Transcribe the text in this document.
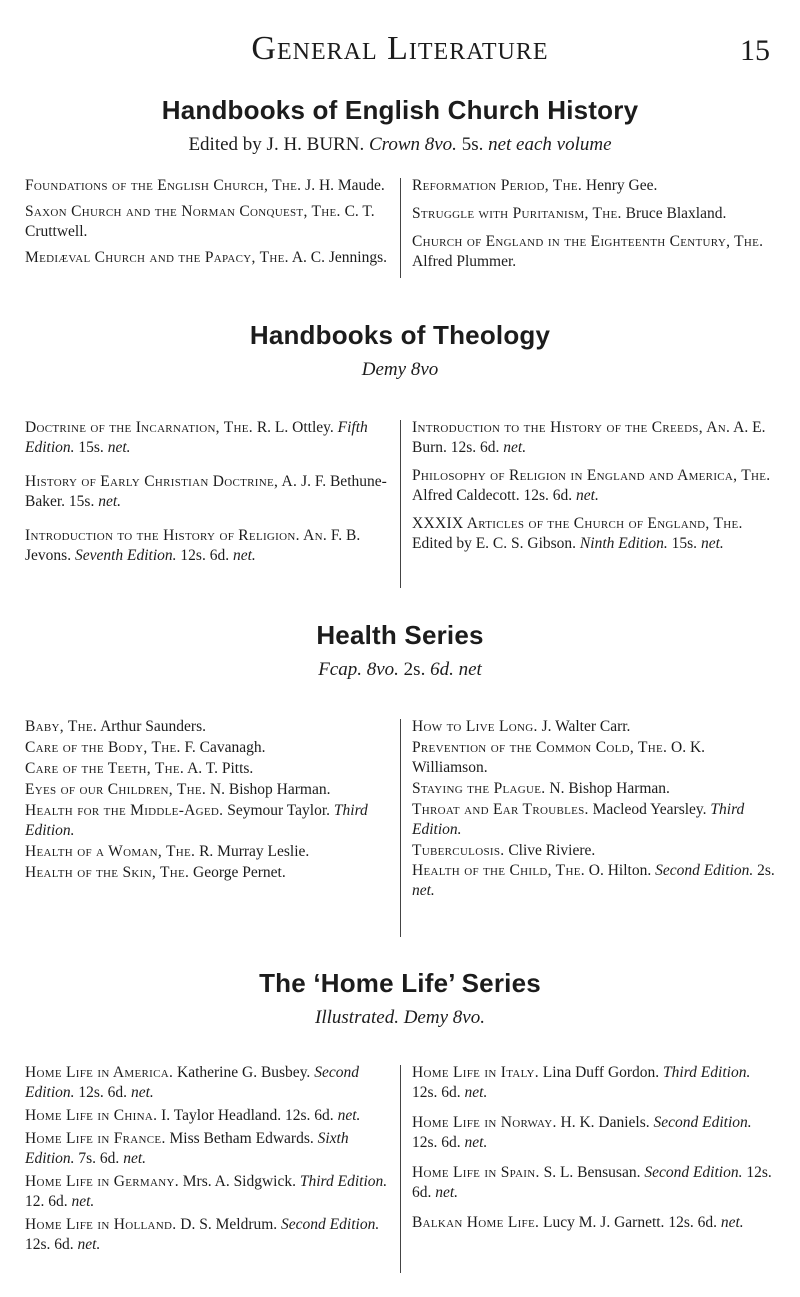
General Literature	15
Handbooks of English Church History
Edited by J. H. BURN. Crown 8vo. 5s. net each volume

Foundations of the English Church, The. J. H. Maude.

Saxon Church and the Norman Conquest, The. C. T. Cruttwell.

Mediæval Church and the Papacy, The. A. C. Jennings.

Reformation Period, The. Henry Gee.

Struggle with Puritanism, The. Bruce Blaxland.

Church of England in the Eighteenth Century, The. Alfred Plummer.

Handbooks of Theology
Demy 8vo

Doctrine of the Incarnation, The. R. L. Ottley. Fifth Edition. 15s. net.

History of Early Christian Doctrine, A. J. F. Bethune-Baker. 15s. net.

Introduction to the History of Religion. An. F. B. Jevons. Seventh Edition. 12s. 6d. net.

Introduction to the History of the Creeds, An. A. E. Burn. 12s. 6d. net.

Philosophy of Religion in England and America, The. Alfred Caldecott. 12s. 6d. net.

XXXIX Articles of the Church of England, The. Edited by E. C. S. Gibson. Ninth Edition. 15s. net.

Health Series
Fcap. 8vo. 2s. 6d. net

Baby, The. Arthur Saunders.

Care of the Body, The. F. Cavanagh.

Care of the Teeth, The. A. T. Pitts.

Eyes of our Children, The. N. Bishop Harman.

Health for the Middle-Aged. Seymour Taylor. Third Edition.

Health of a Woman, The. R. Murray Leslie.

Health of the Skin, The. George Pernet.

How to Live Long. J. Walter Carr.

Prevention of the Common Cold, The. O. K. Williamson.

Staying the Plague. N. Bishop Harman.

Throat and Ear Troubles. Macleod Yearsley. Third Edition.

Tuberculosis. Clive Riviere.

Health of the Child, The. O. Hilton. Second Edition. 2s. net.

The ‘Home Life’ Series
Illustrated. Demy 8vo.

Home Life in America. Katherine G. Busbey. Second Edition. 12s. 6d. net.

Home Life in China. I. Taylor Headland. 12s. 6d. net.

Home Life in France. Miss Betham Edwards. Sixth Edition. 7s. 6d. net.

Home Life in Germany. Mrs. A. Sidgwick. Third Edition. 12. 6d. net.

Home Life in Holland. D. S. Meldrum. Second Edition. 12s. 6d. net.

Home Life in Italy. Lina Duff Gordon. Third Edition. 12s. 6d. net.

Home Life in Norway. H. K. Daniels. Second Edition. 12s. 6d. net.

Home Life in Spain. S. L. Bensusan. Second Edition. 12s. 6d. net.

Balkan Home Life. Lucy M. J. Garnett. 12s. 6d. net.
